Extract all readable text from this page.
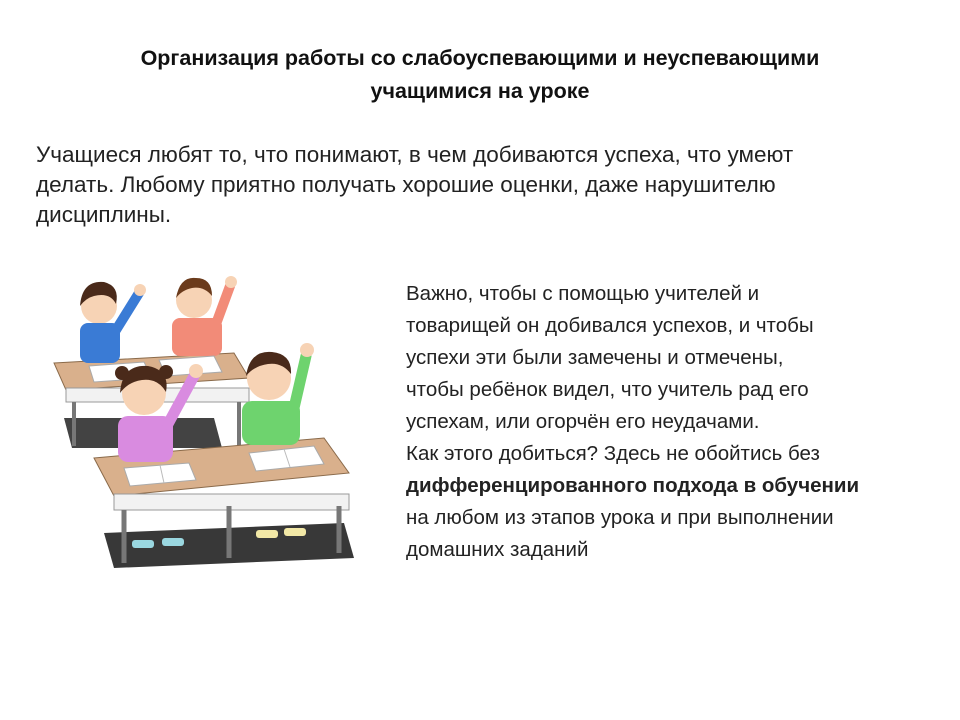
Организация работы со слабоуспевающими и неуспевающими
учащимися на уроке
Учащиеся любят то, что понимают, в чем добиваются успеха, что умеют
делать. Любому приятно получать хорошие оценки, даже нарушителю
дисциплины.
Важно, чтобы с помощью учителей и
товарищей он добивался успехов, и чтобы
успехи эти были замечены и отмечены,
чтобы ребёнок видел, что учитель рад его
успехам, или огорчён его неудачами.
Как этого добиться? Здесь не обойтись без
дифференцированного подхода в обучении
на любом из этапов урока и при выполнении
домашних заданий
